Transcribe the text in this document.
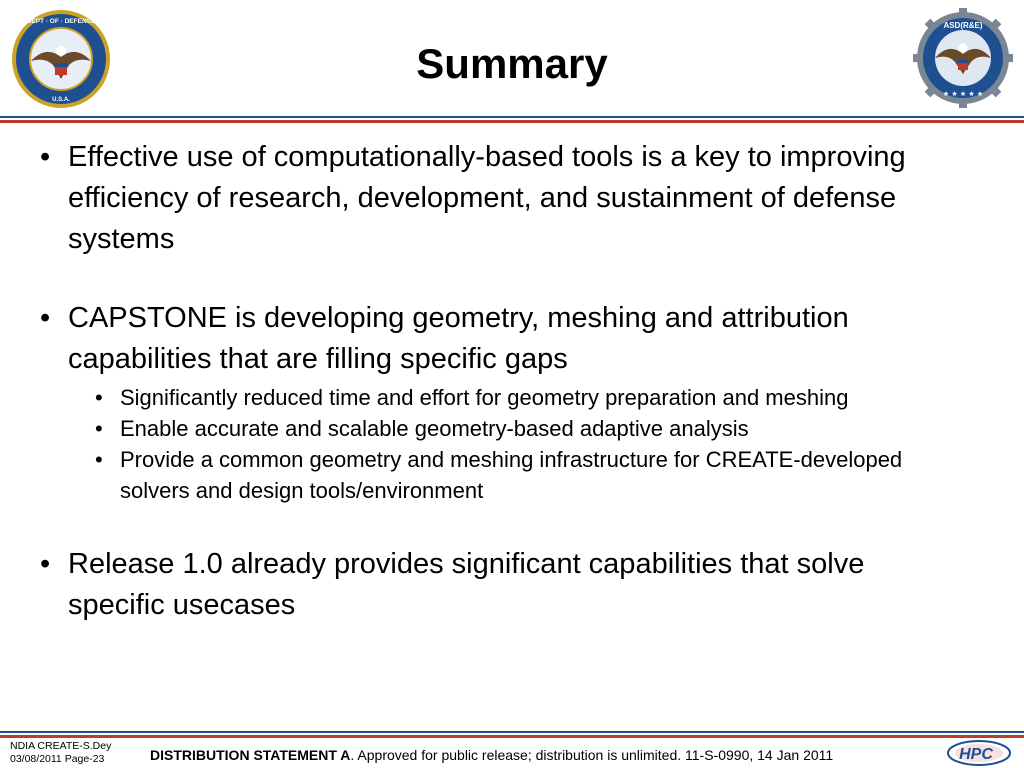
DEPT · OF · DEFENSE
U.S.A.
Summary
ASD(R&E)
★ ★ ★ ★ ★
• Effective use of computationally-based tools is a key to improving efficiency of research, development, and sustainment of defense systems
• CAPSTONE is developing geometry, meshing and attribution capabilities that are filling specific gaps
• Significantly reduced time and effort for geometry preparation and meshing
• Enable accurate and scalable geometry-based adaptive analysis
• Provide a common geometry and meshing infrastructure for CREATE-developed solvers and design tools/environment
• Release 1.0 already provides significant capabilities that solve specific usecases
NDIA CREATE-S.Dey
03/08/2011 Page-23	DISTRIBUTION STATEMENT A. Approved for public release; distribution is unlimited. 11-S-0990, 14 Jan 2011	HPC
